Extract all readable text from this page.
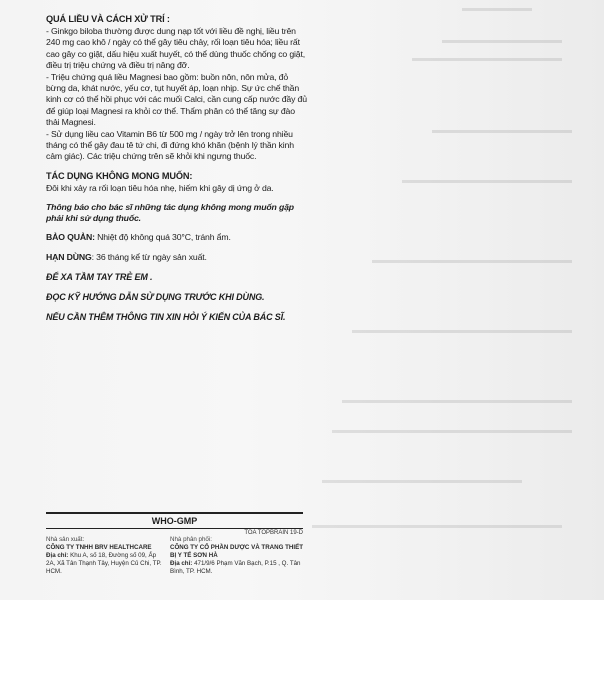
QUÁ LIỀU VÀ CÁCH XỬ TRÍ :

- Ginkgo biloba thường được dung nạp tốt với liều đề nghị, liều trên 240 mg cao khô / ngày có thể gây tiêu chảy, rối loạn tiêu hóa; liều rất cao gây co giật, dấu hiệu xuất huyết, có thể dùng thuốc chống co giật, điều trị triệu chứng và điều trị nâng đỡ.

- Triệu chứng quá liều Magnesi bao gồm: buồn nôn, nôn mửa, đỏ bừng da, khát nước, yếu cơ, tụt huyết áp, loạn nhịp. Sự ức chế thần kinh cơ có thể hồi phục với các muối Calci, cần cung cấp nước đầy đủ để giúp loại Magnesi ra khỏi cơ thể. Thẩm phân có thể tăng sự đào thải Magnesi.

- Sử dụng liều cao Vitamin B6 từ 500 mg / ngày trở lên trong nhiều tháng có thể gây đau tê tứ chi, đi đứng khó khăn (bệnh lý thần kinh cảm giác). Các triệu chứng trên sẽ khỏi khi ngưng thuốc.

TÁC DỤNG KHÔNG MONG MUỐN:

Đôi khi xảy ra rối loạn tiêu hóa nhẹ, hiếm khi gây dị ứng ở da.

Thông báo cho bác sĩ những tác dụng không mong muốn gặp phải khi sử dụng thuốc.

BẢO QUẢN: Nhiệt độ không quá 30°C, tránh ẩm.

HẠN DÙNG: 36 tháng kể từ ngày sản xuất.

ĐỂ XA TẦM TAY TRẺ EM .

ĐỌC KỸ HƯỚNG DẪN SỬ DỤNG TRƯỚC KHI DÙNG.

NẾU CẦN THÊM THÔNG TIN XIN HỎI Ý KIẾN CỦA BÁC SĨ.

WHO-GMP
TOA TOPBRAIN 19-D
Nhà sản xuất:
CÔNG TY TNHH BRV HEALTHCARE
Địa chỉ: Khu A, số 18, Đường số 09, Ấp 2A, Xã Tân Thạnh Tây, Huyện Củ Chi, TP. HCM.
Nhà phân phối:
CÔNG TY CỔ PHẦN DƯỢC VÀ TRANG THIẾT BỊ Y TẾ SƠN HÀ
Địa chỉ: 471/9/6 Phạm Văn Bạch, P.15 , Q. Tân Bình, TP. HCM.
